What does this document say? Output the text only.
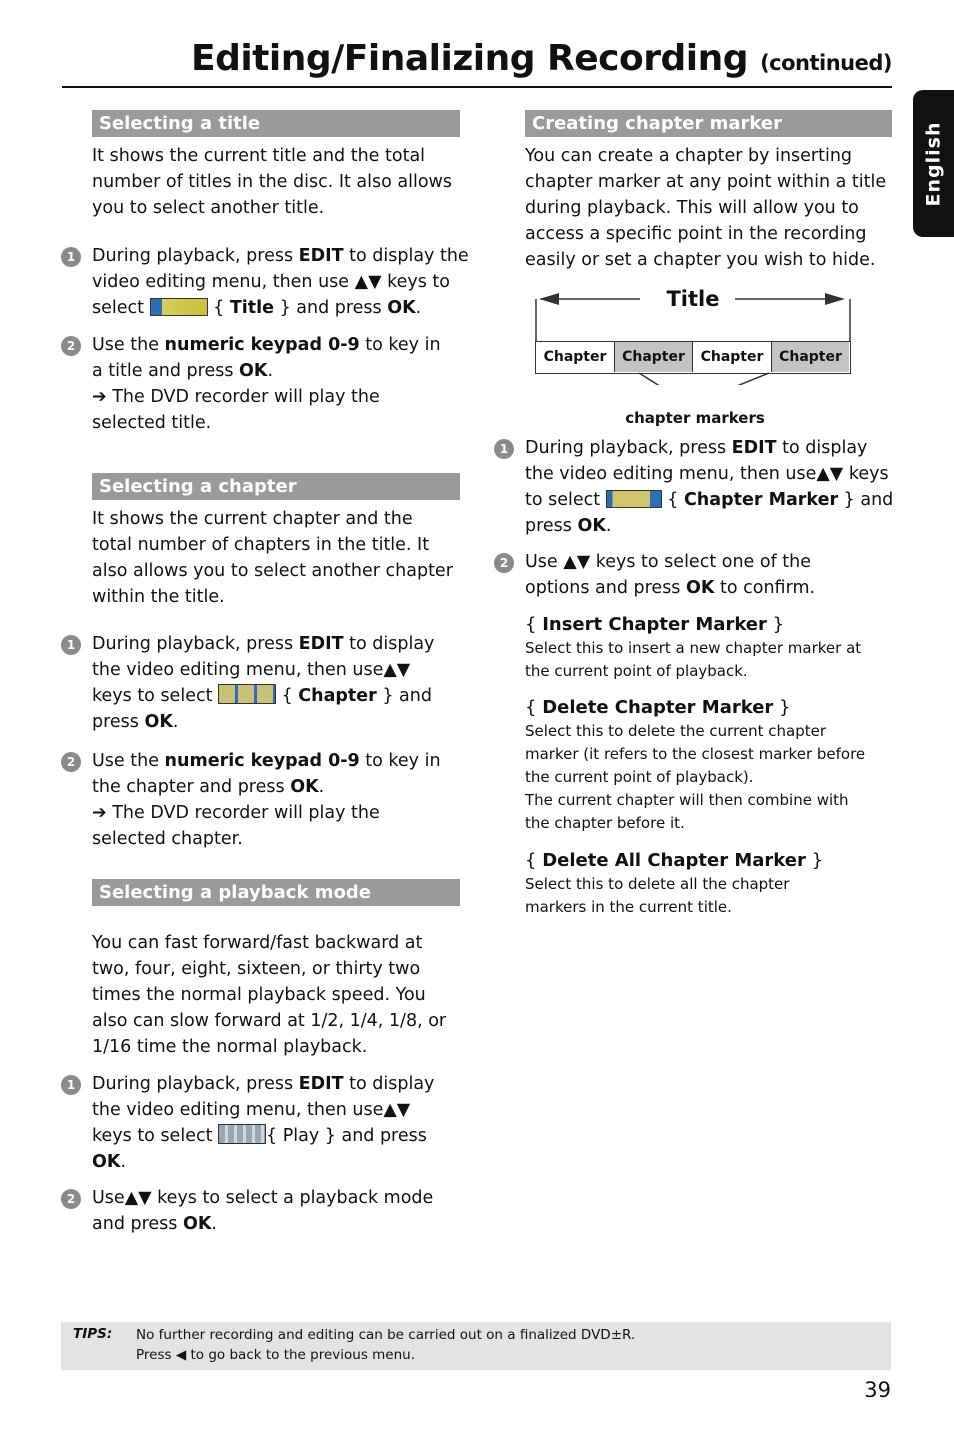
Editing/Finalizing Recording (continued)
English
Selecting a title
It shows the current title and the total
number of titles in the disc. It also allows
you to select another title.
1 During playback, press EDIT to display the
video editing menu, then use ▲▼ keys to
select	{ Title } and press OK.
2 Use the numeric keypad 0-9 to key in
a title and press OK.
➔ The DVD recorder will play the
selected title.
Selecting a chapter
It shows the current chapter and the
total number of chapters in the title. It
also allows you to select another chapter
within the title.
1 During playback, press EDIT to display
the video editing menu, then use▲▼
keys to select	{ Chapter } and
press OK.
2 Use the numeric keypad 0-9 to key in
the chapter and press OK.
➔ The DVD recorder will play the
selected chapter.
Selecting a playback mode
You can fast forward/fast backward at
two, four, eight, sixteen, or thirty two
times the normal playback speed. You
also can slow forward at 1/2, 1/4, 1/8, or
1/16 time the normal playback.
1 During playback, press EDIT to display
the video editing menu, then use▲▼
keys to select	{ Play } and press
OK.
2 Use▲▼ keys to select a playback mode
and press OK.
Creating chapter marker
You can create a chapter by inserting
chapter marker at any point within a title
during playback. This will allow you to
access a specific point in the recording
easily or set a chapter you wish to hide.
Title
Chapter	Chapter	Chapter	Chapter
chapter markers
1 During playback, press EDIT to display
the video editing menu, then use▲▼ keys
to select	{ Chapter Marker } and
press OK.
2 Use ▲▼ keys to select one of the
options and press OK to confirm.
{ Insert Chapter Marker }
Select this to insert a new chapter marker at
the current point of playback.
{ Delete Chapter Marker }
Select this to delete the current chapter
marker (it refers to the closest marker before
the current point of playback).
The current chapter will then combine with
the chapter before it.
{ Delete All Chapter Marker }
Select this to delete all the chapter
markers in the current title.
TIPS: No further recording and editing can be carried out on a finalized DVD±R.
Press ◀ to go back to the previous menu.
39
